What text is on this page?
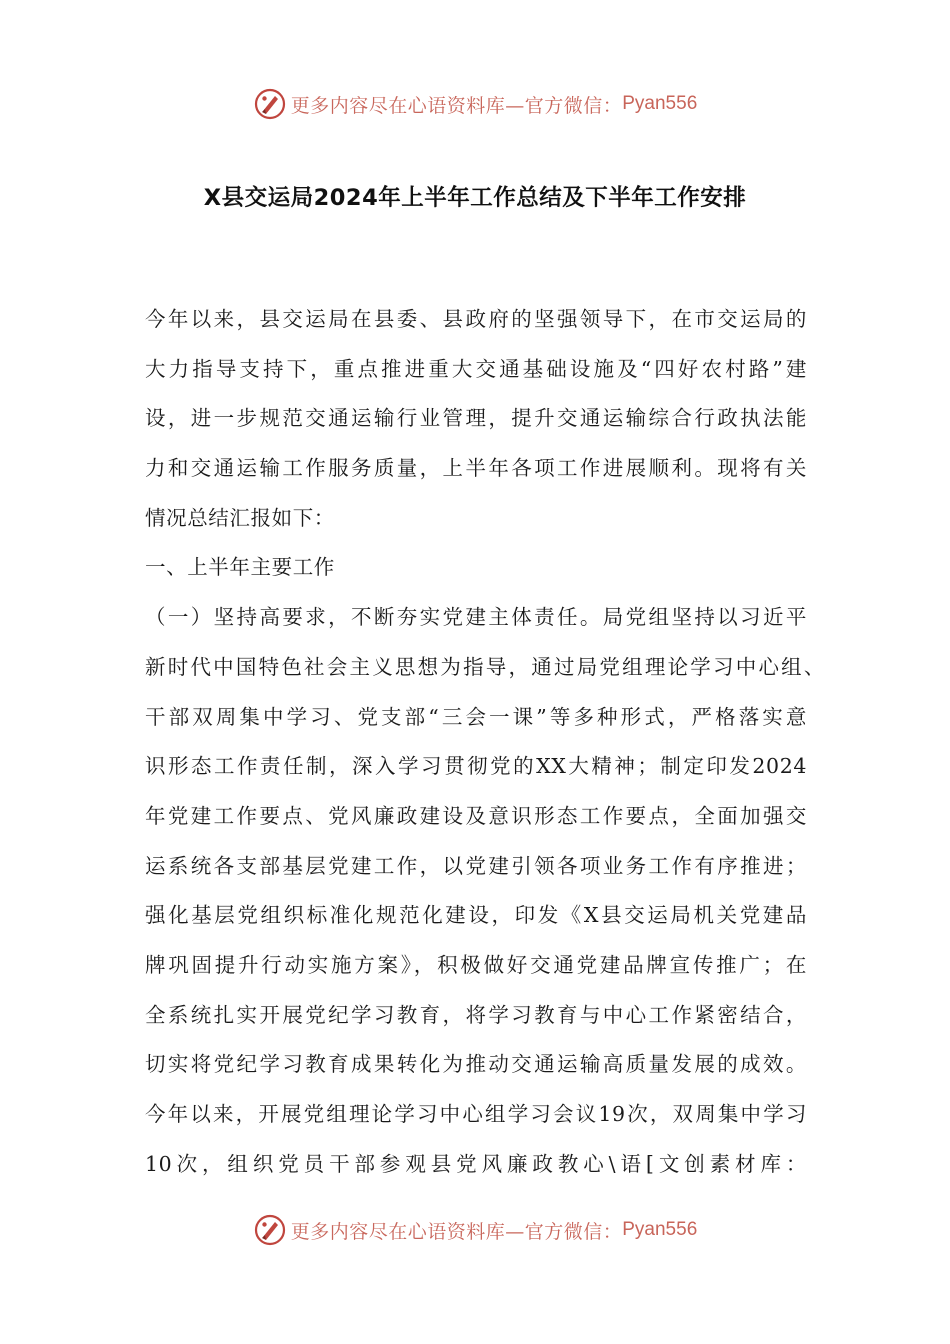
更多内容尽在心语资料库—官方微信： Pyan556
X县交运局2024年上半年工作总结及下半年工作安排
今年以来，县交运局在县委、县政府的坚强领导下，在市交运局的
大力指导支持下，重点推进重大交通基础设施及“四好农村路”建
设，进一步规范交通运输行业管理，提升交通运输综合行政执法能
力和交通运输工作服务质量，上半年各项工作进展顺利。现将有关
情况总结汇报如下：
一、上半年主要工作
（一）坚持高要求，不断夯实党建主体责任。局党组坚持以习近平
新时代中国特色社会主义思想为指导，通过局党组理论学习中心组、
干部双周集中学习、党支部“三会一课”等多种形式，严格落实意
识形态工作责任制，深入学习贯彻党的XX大精神；制定印发2024
年党建工作要点、党风廉政建设及意识形态工作要点，全面加强交
运系统各支部基层党建工作，以党建引领各项业务工作有序推进；
强化基层党组织标准化规范化建设，印发《X县交运局机关党建品
牌巩固提升行动实施方案》，积极做好交通党建品牌宣传推广；在
全系统扎实开展党纪学习教育，将学习教育与中心工作紧密结合，
切实将党纪学习教育成果转化为推动交通运输高质量发展的成效。
今年以来，开展党组理论学习中心组学习会议19次，双周集中学习
10次，组织党员干部参观县党风廉政教心\语[文创素材库：
更多内容尽在心语资料库—官方微信： Pyan556
